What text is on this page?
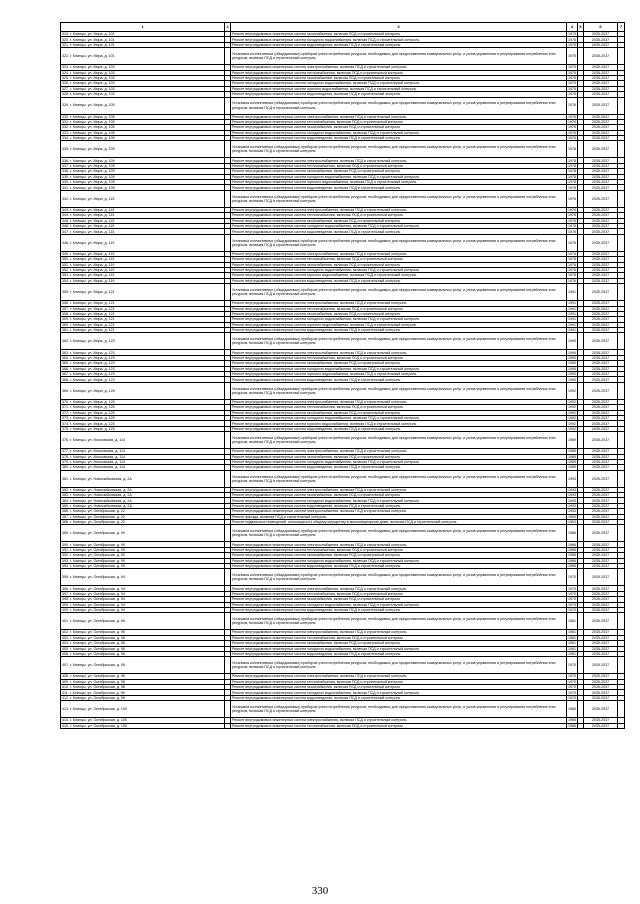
1	2	3	4	5	6	7
319. г. Клинцы, ул. Мира, д. 101		Ремонт внутридомовых инженерных систем газоснабжения, включая ПСД и строительный контроль	1975		2035-2037	
320. г. Клинцы, ул. Мира, д. 101		Ремонт внутридомовых инженерных систем холодного водоснабжения, включая ПСД и строительный контроль	1975		2035-2037	
321. г. Клинцы, ул. Мира, д. 101		Ремонт внутридомовых инженерных систем водоотведения, включая ПСД и строительный контроль	1975		2035-2037	
322. г. Клинцы, ул. Мира, д. 101		Установка коллективных (общедомовых) приборов учета потребления ресурсов, необходимых для предоставления коммунальных услуг, и узлов управления и регулирования потребления этих ресурсов, включая ПСД и строительный контроль	1975		2035-2037	
323. г. Клинцы, ул. Мира, д. 103		Ремонт внутридомовых инженерных систем электроснабжения, включая ПСД и строительный контроль	1975		2035-2037	
324. г. Клинцы, ул. Мира, д. 103		Ремонт внутридомовых инженерных систем теплоснабжения, включая ПСД и строительный контроль	1975		2035-2037	
325. г. Клинцы, ул. Мира, д. 103		Ремонт внутридомовых инженерных систем газоснабжения, включая ПСД и строительный контроль	1975		2035-2037	
326. г. Клинцы, ул. Мира, д. 103		Ремонт внутридомовых инженерных систем холодного водоснабжения, включая ПСД и строительный контроль	1975		2035-2037	
327. г. Клинцы, ул. Мира, д. 103		Ремонт внутридомовых инженерных систем горячего водоснабжения, включая ПСД и строительный контроль	1975		2035-2037	
328. г. Клинцы, ул. Мира, д. 103		Ремонт внутридомовых инженерных систем водоотведения, включая ПСД и строительный контроль	1975		2035-2037	
329. г. Клинцы, ул. Мира, д. 105		Установка коллективных (общедомовых) приборов учета потребления ресурсов, необходимых для предоставления коммунальных услуг, и узлов управления и регулирования потребления этих ресурсов, включая ПСД и строительный контроль	1976		2035-2037	
330. г. Клинцы, ул. Мира, д. 105		Ремонт внутридомовых инженерных систем электроснабжения, включая ПСД и строительный контроль	1976		2035-2037	
331. г. Клинцы, ул. Мира, д. 105		Ремонт внутридомовых инженерных систем теплоснабжения, включая ПСД и строительный контроль	1976		2035-2037	
332. г. Клинцы, ул. Мира, д. 105		Ремонт внутридомовых инженерных систем газоснабжения, включая ПСД и строительный контроль	1976		2035-2037	
333. г. Клинцы, ул. Мира, д. 105		Ремонт внутридомовых инженерных систем холодного водоснабжения, включая ПСД и строительный контроль	1976		2035-2037	
334. г. Клинцы, ул. Мира, д. 105		Ремонт внутридомовых инженерных систем водоотведения, включая ПСД и строительный контроль	1976		2035-2037	
335. г. Клинцы, ул. Мира, д. 109		Установка коллективных (общедомовых) приборов учета потребления ресурсов, необходимых для предоставления коммунальных услуг, и узлов управления и регулирования потребления этих ресурсов, включая ПСД и строительный контроль	1978		2035-2037	
336. г. Клинцы, ул. Мира, д. 109		Ремонт внутридомовых инженерных систем электроснабжения, включая ПСД и строительный контроль	1978		2035-2037	
337. г. Клинцы, ул. Мира, д. 109		Ремонт внутридомовых инженерных систем теплоснабжения, включая ПСД и строительный контроль	1978		2035-2037	
338. г. Клинцы, ул. Мира, д. 109		Ремонт внутридомовых инженерных систем газоснабжения, включая ПСД и строительный контроль	1978		2035-2037	
339. г. Клинцы, ул. Мира, д. 109		Ремонт внутридомовых инженерных систем холодного водоснабжения, включая ПСД и строительный контроль	1978		2035-2037	
340. г. Клинцы, ул. Мира, д. 109		Ремонт внутридомовых инженерных систем горячего водоснабжения, включая ПСД и строительный контроль	1978		2035-2037	
341. г. Клинцы, ул. Мира, д. 109		Ремонт внутридомовых инженерных систем водоотведения, включая ПСД и строительный контроль	1978		2035-2037	
342. г. Клинцы, ул. Мира, д. 115		Установка коллективных (общедомовых) приборов учета потребления ресурсов, необходимых для предоставления коммунальных услуг, и узлов управления и регулирования потребления этих ресурсов, включая ПСД и строительный контроль	1976		2035-2037	
343. г. Клинцы, ул. Мира, д. 115		Ремонт внутридомовых инженерных систем электроснабжения, включая ПСД и строительный контроль	1976		2035-2037	
344. г. Клинцы, ул. Мира, д. 115		Ремонт внутридомовых инженерных систем теплоснабжения, включая ПСД и строительный контроль	1976		2035-2037	
345. г. Клинцы, ул. Мира, д. 115		Ремонт внутридомовых инженерных систем газоснабжения, включая ПСД и строительный контроль	1976		2035-2037	
346. г. Клинцы, ул. Мира, д. 115		Ремонт внутридомовых инженерных систем холодного водоснабжения, включая ПСД и строительный контроль	1976		2035-2037	
347. г. Клинцы, ул. Мира, д. 115		Ремонт внутридомовых инженерных систем водоотведения, включая ПСД и строительный контроль	1976		2035-2037	
348. г. Клинцы, ул. Мира, д. 119		Установка коллективных (общедомовых) приборов учета потребления ресурсов, необходимых для предоставления коммунальных услуг, и узлов управления и регулирования потребления этих ресурсов, включая ПСД и строительный контроль	1976		2035-2037	
349. г. Клинцы, ул. Мира, д. 119		Ремонт внутридомовых инженерных систем электроснабжения, включая ПСД и строительный контроль	1976		2035-2037	
350. г. Клинцы, ул. Мира, д. 119		Ремонт внутридомовых инженерных систем теплоснабжения, включая ПСД и строительный контроль	1976		2035-2037	
351. г. Клинцы, ул. Мира, д. 119		Ремонт внутридомовых инженерных систем газоснабжения, включая ПСД и строительный контроль	1976		2035-2037	
352. г. Клинцы, ул. Мира, д. 119		Ремонт внутридомовых инженерных систем холодного водоснабжения, включая ПСД и строительный контроль	1976		2035-2037	
353. г. Клинцы, ул. Мира, д. 119		Ремонт внутридомовых инженерных систем горячего водоснабжения, включая ПСД и строительный контроль	1976		2035-2037	
354. г. Клинцы, ул. Мира, д. 119		Ремонт внутридомовых инженерных систем водоотведения, включая ПСД и строительный контроль	1976		2035-2037	
355. г. Клинцы, ул. Мира, д. 121		Установка коллективных (общедомовых) приборов учета потребления ресурсов, необходимых для предоставления коммунальных услуг, и узлов управления и регулирования потребления этих ресурсов, включая ПСД и строительный контроль	1991		2035-2037	
356. г. Клинцы, ул. Мира, д. 121		Ремонт внутридомовых инженерных систем электроснабжения, включая ПСД и строительный контроль	1991		2035-2037	
357. г. Клинцы, ул. Мира, д. 121		Ремонт внутридомовых инженерных систем теплоснабжения, включая ПСД и строительный контроль	1991		2035-2037	
358. г. Клинцы, ул. Мира, д. 121		Ремонт внутридомовых инженерных систем газоснабжения, включая ПСД и строительный контроль	1991		2035-2037	
359. г. Клинцы, ул. Мира, д. 121		Ремонт внутридомовых инженерных систем холодного водоснабжения, включая ПСД и строительный контроль	1991		2035-2037	
360. г. Клинцы, ул. Мира, д. 121		Ремонт внутридомовых инженерных систем горячего водоснабжения, включая ПСД и строительный контроль	1991		2035-2037	
361. г. Клинцы, ул. Мира, д. 121		Ремонт внутридомовых инженерных систем водоотведения, включая ПСД и строительный контроль	1991		2035-2037	
362. г. Клинцы, ул. Мира, д. 123		Установка коллективных (общедомовых) приборов учета потребления ресурсов, необходимых для предоставления коммунальных услуг, и узлов управления и регулирования потребления этих ресурсов, включая ПСД и строительный контроль	1990		2035-2037	
363. г. Клинцы, ул. Мира, д. 123		Ремонт внутридомовых инженерных систем электроснабжения, включая ПСД и строительный контроль	1990		2035-2037	
364. г. Клинцы, ул. Мира, д. 123		Ремонт внутридомовых инженерных систем теплоснабжения, включая ПСД и строительный контроль	1990		2035-2037	
365. г. Клинцы, ул. Мира, д. 123		Ремонт внутридомовых инженерных систем газоснабжения, включая ПСД и строительный контроль	1990		2035-2037	
366. г. Клинцы, ул. Мира, д. 123		Ремонт внутридомовых инженерных систем холодного водоснабжения, включая ПСД и строительный контроль	1990		2035-2037	
367. г. Клинцы, ул. Мира, д. 123		Ремонт внутридомовых инженерных систем горячего водоснабжения, включая ПСД и строительный контроль	1990		2035-2037	
368. г. Клинцы, ул. Мира, д. 123		Ремонт внутридомовых инженерных систем водоотведения, включая ПСД и строительный контроль	1990		2035-2037	
369. г. Клинцы, ул. Мира, д. 125		Установка коллективных (общедомовых) приборов учета потребления ресурсов, необходимых для предоставления коммунальных услуг, и узлов управления и регулирования потребления этих ресурсов, включая ПСД и строительный контроль	1992		2035-2037	
370. г. Клинцы, ул. Мира, д. 125		Ремонт внутридомовых инженерных систем электроснабжения, включая ПСД и строительный контроль	1992		2035-2037	
371. г. Клинцы, ул. Мира, д. 125		Ремонт внутридомовых инженерных систем теплоснабжения, включая ПСД и строительный контроль	1992		2035-2037	
372. г. Клинцы, ул. Мира, д. 125		Ремонт внутридомовых инженерных систем газоснабжения, включая ПСД и строительный контроль	1992		2035-2037	
373. г. Клинцы, ул. Мира, д. 125		Ремонт внутридомовых инженерных систем холодного водоснабжения, включая ПСД и строительный контроль	1992		2035-2037	
374. г. Клинцы, ул. Мира, д. 125		Ремонт внутридомовых инженерных систем горячего водоснабжения, включая ПСД и строительный контроль	1992		2035-2037	
375. г. Клинцы, ул. Мира, д. 125		Ремонт внутридомовых инженерных систем водоотведения, включая ПСД и строительный контроль	1992		2035-2037	
376. г. Клинцы, ул. Московская, д. 114		Установка коллективных (общедомовых) приборов учета потребления ресурсов, необходимых для предоставления коммунальных услуг, и узлов управления и регулирования потребления этих ресурсов, включая ПСД и строительный контроль	1989		2035-2037	
377. г. Клинцы, ул. Московская, д. 114		Ремонт внутридомовых инженерных систем электроснабжения, включая ПСД и строительный контроль	1989		2035-2037	
378. г. Клинцы, ул. Московская, д. 114		Ремонт внутридомовых инженерных систем газоснабжения, включая ПСД и строительный контроль	1989		2035-2037	
379. г. Клинцы, ул. Московская, д. 114		Ремонт внутридомовых инженерных систем холодного водоснабжения, включая ПСД и строительный контроль	1989		2035-2037	
380. г. Клинцы, ул. Московская, д. 114		Ремонт внутридомовых инженерных систем водоотведения, включая ПСД и строительный контроль	1989		2035-2037	
381. г. Клинцы, ул. Новосыбковская, д. 2А		Установка коллективных (общедомовых) приборов учета потребления ресурсов, необходимых для предоставления коммунальных услуг, и узлов управления и регулирования потребления этих ресурсов, включая ПСД и строительный контроль	1993		2035-2037	
382. г. Клинцы, ул. Новосыбковская, д. 2А		Ремонт внутридомовых инженерных систем электроснабжения, включая ПСД и строительный контроль	1993		2035-2037	
383. г. Клинцы, ул. Новосыбковская, д. 2А		Ремонт внутридомовых инженерных систем газоснабжения, включая ПСД и строительный контроль	1993		2035-2037	
384. г. Клинцы, ул. Новосыбковская, д. 2А		Ремонт внутридомовых инженерных систем холодного водоснабжения, включая ПСД и строительный контроль	1993		2035-2037	
385. г. Клинцы, ул. Новосыбковская, д. 2А		Ремонт внутридомовых инженерных систем водоотведения, включая ПСД и строительный контроль	1993		2035-2037	
386. г. Клинцы, ул. Октябрьская, д. 22		Ремонт внутридомовых инженерных систем электроснабжения, включая ПСД и строительный контроль	1953		2035-2037	
387. г. Клинцы, ул. Октябрьская, д. 22		Ремонт фасада, включая ПСД и строительный контроль	1953		2035-2037	
388. г. Клинцы, ул. Октябрьская, д. 22		Ремонт подвальных помещений, относящихся к общему имуществу в многоквартирном доме, включая ПСД и строительный контроль	1953		2035-2037	
389. г. Клинцы, ул. Октябрьская, д. 90		Установка коллективных (общедомовых) приборов учета потребления ресурсов, необходимых для предоставления коммунальных услуг, и узлов управления и регулирования потребления этих ресурсов, включая ПСД и строительный контроль	1966		2035-2037	
390. г. Клинцы, ул. Октябрьская, д. 90		Ремонт внутридомовых инженерных систем электроснабжения, включая ПСД и строительный контроль	1966		2035-2037	
391. г. Клинцы, ул. Октябрьская, д. 90		Ремонт внутридомовых инженерных систем теплоснабжения, включая ПСД и строительный контроль	1966		2035-2037	
392. г. Клинцы, ул. Октябрьская, д. 90		Ремонт внутридомовых инженерных систем газоснабжения, включая ПСД и строительный контроль	1966		2035-2037	
393. г. Клинцы, ул. Октябрьская, д. 90		Ремонт внутридомовых инженерных систем холодного водоснабжения, включая ПСД и строительный контроль	1966		2035-2037	
394. г. Клинцы, ул. Октябрьская, д. 90		Ремонт внутридомовых инженерных систем водоотведения, включая ПСД и строительный контроль	1966		2035-2037	
395. г. Клинцы, ул. Октябрьская, д. 94		Установка коллективных (общедомовых) приборов учета потребления ресурсов, необходимых для предоставления коммунальных услуг, и узлов управления и регулирования потребления этих ресурсов, включая ПСД и строительный контроль	1970		2035-2037	
396. г. Клинцы, ул. Октябрьская, д. 94		Ремонт внутридомовых инженерных систем электроснабжения, включая ПСД и строительный контроль	1970		2035-2037	
397. г. Клинцы, ул. Октябрьская, д. 94		Ремонт внутридомовых инженерных систем теплоснабжения, включая ПСД и строительный контроль	1970		2035-2037	
398. г. Клинцы, ул. Октябрьская, д. 94		Ремонт внутридомовых инженерных систем газоснабжения, включая ПСД и строительный контроль	1970		2035-2037	
399. г. Клинцы, ул. Октябрьская, д. 94		Ремонт внутридомовых инженерных систем холодного водоснабжения, включая ПСД и строительный контроль	1970		2035-2037	
400. г. Клинцы, ул. Октябрьская, д. 94		Ремонт внутридомовых инженерных систем водоотведения, включая ПСД и строительный контроль	1970		2035-2037	
401. г. Клинцы, ул. Октябрьская, д. 96		Установка коллективных (общедомовых) приборов учета потребления ресурсов, необходимых для предоставления коммунальных услуг, и узлов управления и регулирования потребления этих ресурсов, включая ПСД и строительный контроль	1961		2035-2037	
402. г. Клинцы, ул. Октябрьская, д. 96		Ремонт внутридомовых инженерных систем электроснабжения, включая ПСД и строительный контроль	1961		2035-2037	
403. г. Клинцы, ул. Октябрьская, д. 96		Ремонт внутридомовых инженерных систем теплоснабжения, включая ПСД и строительный контроль	1961		2035-2037	
404. г. Клинцы, ул. Октябрьская, д. 96		Ремонт внутридомовых инженерных систем газоснабжения, включая ПСД и строительный контроль	1961		2035-2037	
405. г. Клинцы, ул. Октябрьская, д. 96		Ремонт внутридомовых инженерных систем холодного водоснабжения, включая ПСД и строительный контроль	1961		2035-2037	
406. г. Клинцы, ул. Октябрьская, д. 96		Ремонт внутридомовых инженерных систем водоотведения, включая ПСД и строительный контроль	1961		2035-2037	
407. г. Клинцы, ул. Октябрьская, д. 98		Установка коллективных (общедомовых) приборов учета потребления ресурсов, необходимых для предоставления коммунальных услуг, и узлов управления и регулирования потребления этих ресурсов, включая ПСД и строительный контроль	1970		2035-2037	
408. г. Клинцы, ул. Октябрьская, д. 98		Ремонт внутридомовых инженерных систем электроснабжения, включая ПСД и строительный контроль	1970		2035-2037	
409. г. Клинцы, ул. Октябрьская, д. 98		Ремонт внутридомовых инженерных систем теплоснабжения, включая ПСД и строительный контроль	1970		2035-2037	
410. г. Клинцы, ул. Октябрьская, д. 98		Ремонт внутридомовых инженерных систем газоснабжения, включая ПСД и строительный контроль	1970		2035-2037	
411. г. Клинцы, ул. Октябрьская, д. 98		Ремонт внутридомовых инженерных систем холодного водоснабжения, включая ПСД и строительный контроль	1970		2035-2037	
412. г. Клинцы, ул. Октябрьская, д. 98		Ремонт внутридомовых инженерных систем водоотведения, включая ПСД и строительный контроль	1970		2035-2037	
413. г. Клинцы, ул. Октябрьская, д. 100		Установка коллективных (общедомовых) приборов учета потребления ресурсов, необходимых для предоставления коммунальных услуг, и узлов управления и регулирования потребления этих ресурсов, включая ПСД и строительный контроль	1965		2035-2037	
414. г. Клинцы, ул. Октябрьская, д. 100		Ремонт внутридомовых инженерных систем электроснабжения, включая ПСД и строительный контроль	1965		2035-2037	
415. г. Клинцы, ул. Октябрьская, д. 100		Ремонт внутридомовых инженерных систем теплоснабжения, включая ПСД и строительный контроль	1965		2035-2037	
330
